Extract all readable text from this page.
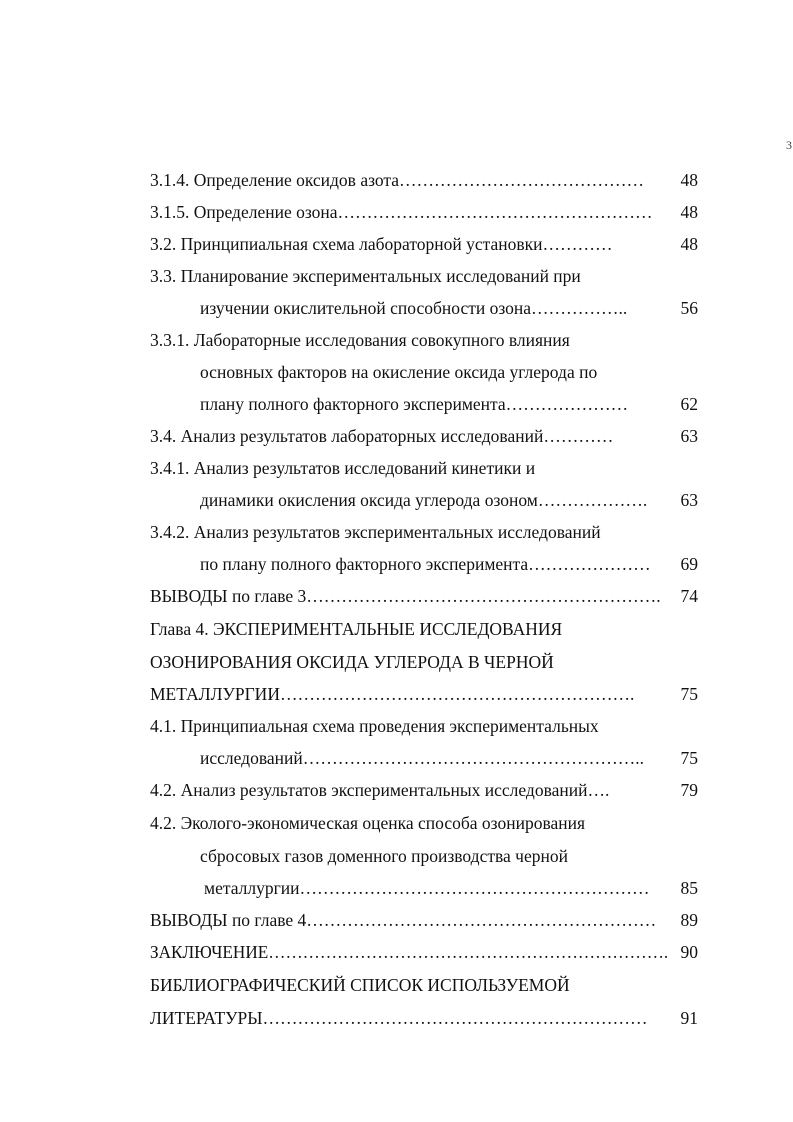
3
3.1.4. Определение оксидов азота…………………………………… 48
3.1.5. Определение озона……………………………………………… 48
3.2. Принципиальная схема лабораторной установки…………	48
3.3. Планирование экспериментальных исследований при
изучении окислительной способности озона……………..	56
3.3.1. Лабораторные исследования совокупного влияния
основных факторов на окисление оксида углерода по
плану полного факторного эксперимента…………………	62
3.4. Анализ результатов лабораторных исследований…………	63
3.4.1. Анализ результатов исследований кинетики и
динамики окисления оксида углерода озоном………………. 63
3.4.2. Анализ результатов экспериментальных исследований
по плану полного факторного эксперимента………………… 69
ВЫВОДЫ по главе 3……………………………………………………. 74
Глава 4. ЭКСПЕРИМЕНТАЛЬНЫЕ ИССЛЕДОВАНИЯ
ОЗОНИРОВАНИЯ ОКСИДА УГЛЕРОДА В ЧЕРНОЙ
МЕТАЛЛУРГИИ…………………………………………………….	75
4.1. Принципиальная схема проведения экспериментальных
исследований………………………………………………….. 75
4.2. Анализ результатов экспериментальных исследований….	79
4.2. Эколого-экономическая оценка способа озонирования
сбросовых газов доменного производства черной
металлургии…………………………………………………… 85
ВЫВОДЫ по главе 4…………………………………………………… 89
ЗАКЛЮЧЕНИЕ……………………………………………………………. 90
БИБЛИОГРАФИЧЕСКИЙ СПИСОК ИСПОЛЬЗУЕМОЙ
ЛИТЕРАТУРЫ………………………………………………………… 91
